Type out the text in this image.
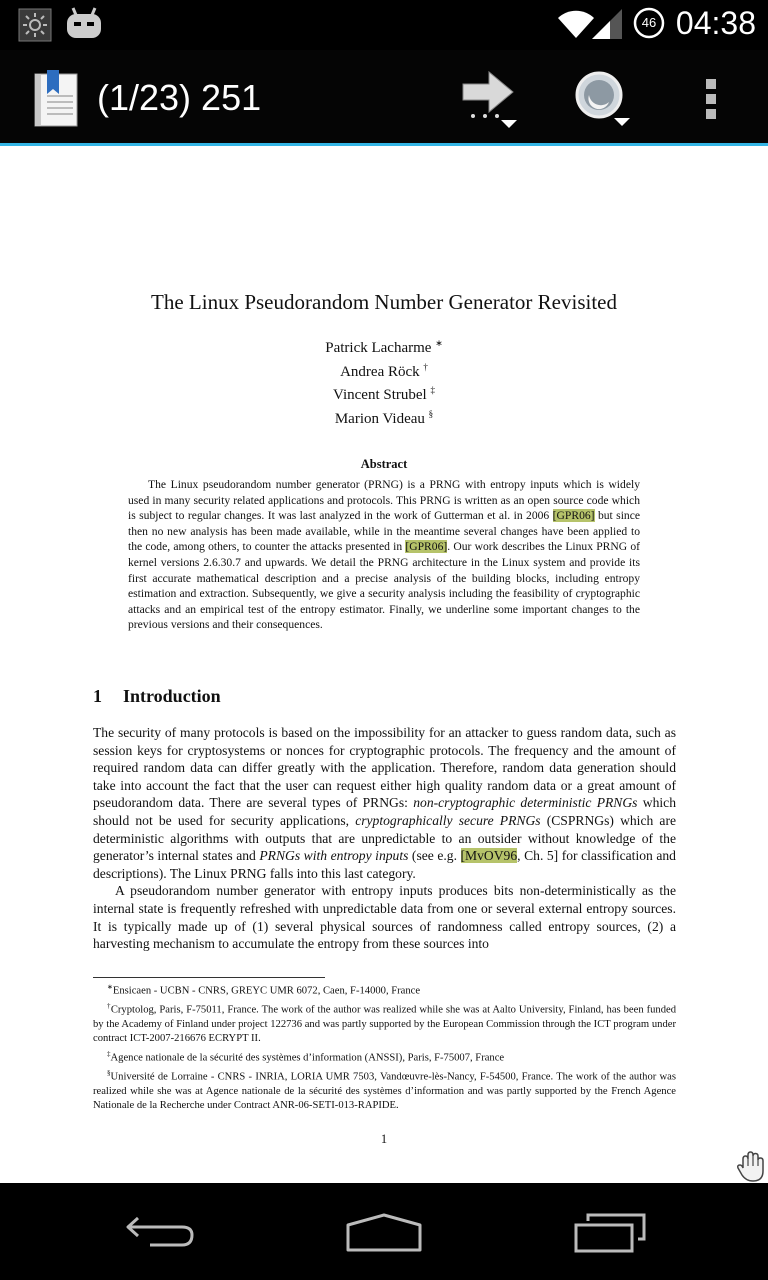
46 04:38
(1/23) 251
The Linux Pseudorandom Number Generator Revisited
Patrick Lacharme ∗
Andrea Röck †
Vincent Strubel ‡
Marion Videau §
Abstract
The Linux pseudorandom number generator (PRNG) is a PRNG with entropy inputs which is widely used in many security related applications and protocols. This PRNG is written as an open source code which is subject to regular changes. It was last analyzed in the work of Gutterman et al. in 2006 [GPR06] but since then no new analysis has been made available, while in the meantime several changes have been applied to the code, among others, to counter the attacks presented in [GPR06]. Our work describes the Linux PRNG of kernel versions 2.6.30.7 and upwards. We detail the PRNG architecture in the Linux system and provide its first accurate mathematical description and a precise analysis of the building blocks, including entropy estimation and extraction. Subsequently, we give a security analysis including the feasibility of cryptographic attacks and an empirical test of the entropy estimator. Finally, we underline some important changes to the previous versions and their consequences.
1 Introduction

The security of many protocols is based on the impossibility for an attacker to guess random data, such as session keys for cryptosystems or nonces for cryptographic protocols. The frequency and the amount of required random data can differ greatly with the application. Therefore, random data generation should take into account the fact that the user can request either high quality random data or a great amount of pseudorandom data. There are several types of PRNGs: non-cryptographic deterministic PRNGs which should not be used for security applications, cryptographically secure PRNGs (CSPRNGs) which are deterministic algorithms with outputs that are unpredictable to an outsider without knowledge of the generator’s internal states and PRNGs with entropy inputs (see e.g. [MvOV96, Ch. 5] for classification and descriptions). The Linux PRNG falls into this last category.

A pseudorandom number generator with entropy inputs produces bits non-deterministically as the internal state is frequently refreshed with unpredictable data from one or several external entropy sources. It is typically made up of (1) several physical sources of randomness called entropy sources, (2) a harvesting mechanism to accumulate the entropy from these sources into

∗Ensicaen - UCBN - CNRS, GREYC UMR 6072, Caen, F-14000, France

†Cryptolog, Paris, F-75011, France. The work of the author was realized while she was at Aalto University, Finland, has been funded by the Academy of Finland under project 122736 and was partly supported by the European Commission through the ICT program under contract ICT-2007-216676 ECRYPT II.

‡Agence nationale de la sécurité des systèmes d’information (ANSSI), Paris, F-75007, France

§Université de Lorraine - CNRS - INRIA, LORIA UMR 7503, Vandœuvre-lès-Nancy, F-54500, France. The work of the author was realized while she was at Agence nationale de la sécurité des systèmes d’information and was partly supported by the French Agence Nationale de la Recherche under Contract ANR-06-SETI-013-RAPIDE.

1
